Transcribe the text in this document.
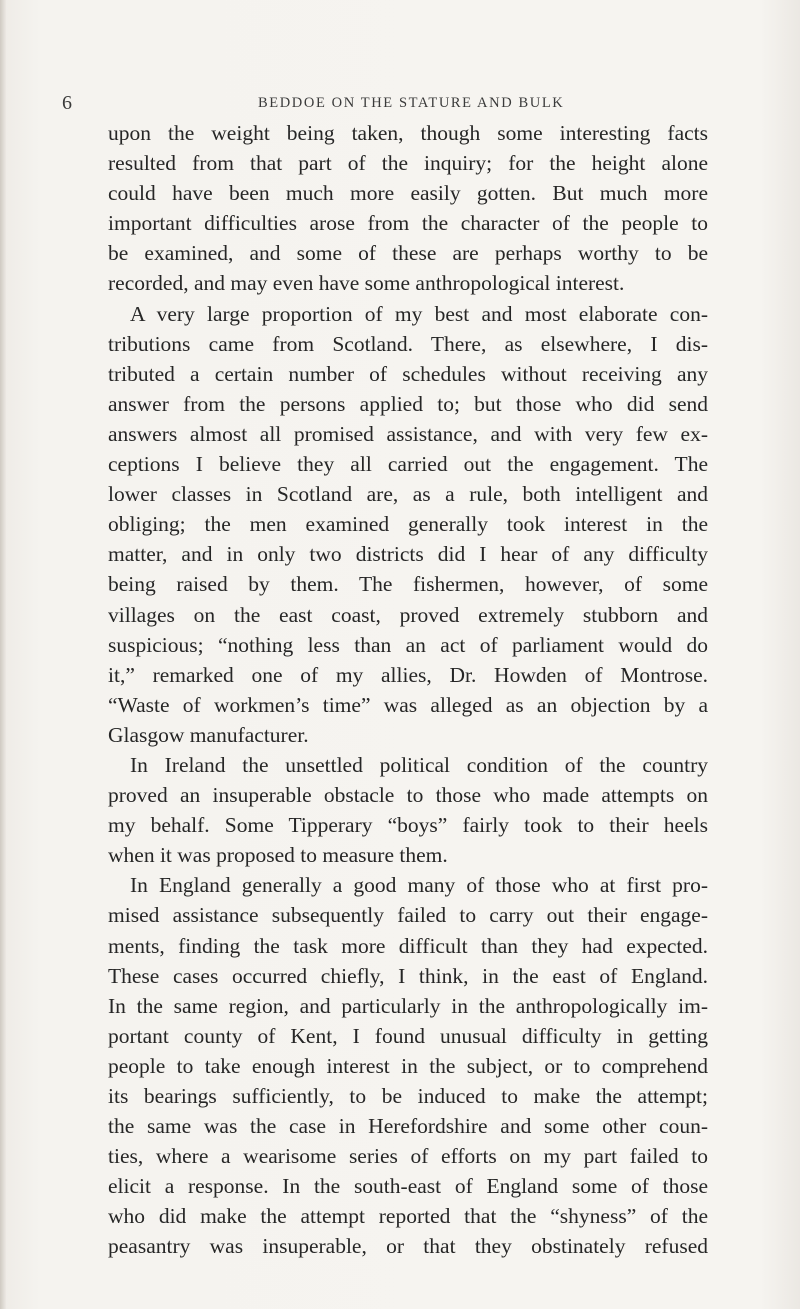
6	BEDDOE ON THE STATURE AND BULK
upon the weight being taken, though some interesting facts
resulted from that part of the inquiry; for the height alone
could have been much more easily gotten. But much more
important difficulties arose from the character of the people to
be examined, and some of these are perhaps worthy to be
recorded, and may even have some anthropological interest.
A very large proportion of my best and most elaborate con-
tributions came from Scotland. There, as elsewhere, I dis-
tributed a certain number of schedules without receiving any
answer from the persons applied to; but those who did send
answers almost all promised assistance, and with very few ex-
ceptions I believe they all carried out the engagement. The
lower classes in Scotland are, as a rule, both intelligent and
obliging; the men examined generally took interest in the
matter, and in only two districts did I hear of any difficulty
being raised by them. The fishermen, however, of some
villages on the east coast, proved extremely stubborn and
suspicious; “nothing less than an act of parliament would do
it,” remarked one of my allies, Dr. Howden of Montrose.
“Waste of workmen’s time” was alleged as an objection by a
Glasgow manufacturer.
In Ireland the unsettled political condition of the country
proved an insuperable obstacle to those who made attempts on
my behalf. Some Tipperary “boys” fairly took to their heels
when it was proposed to measure them.
In England generally a good many of those who at first pro-
mised assistance subsequently failed to carry out their engage-
ments, finding the task more difficult than they had expected.
These cases occurred chiefly, I think, in the east of England.
In the same region, and particularly in the anthropologically im-
portant county of Kent, I found unusual difficulty in getting
people to take enough interest in the subject, or to comprehend
its bearings sufficiently, to be induced to make the attempt;
the same was the case in Herefordshire and some other coun-
ties, where a wearisome series of efforts on my part failed to
elicit a response. In the south-east of England some of those
who did make the attempt reported that the “shyness” of the
peasantry was insuperable, or that they obstinately refused
